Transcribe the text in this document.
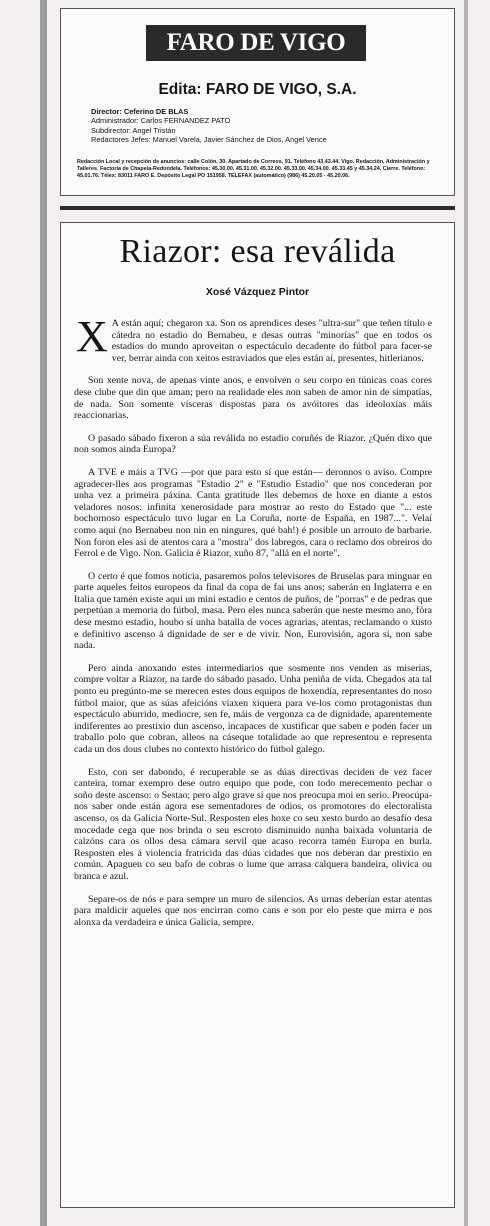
FARO DE VIGO
Edita: FARO DE VIGO, S.A.
Director: Ceferino DE BLAS
Administrador: Carlos FERNANDEZ PATO
Subdirector: Angel Tristán
Redactores Jefes: Manuel Varela, Javier Sánchez de Dios, Angel Vence
Redacción Local y recepción de anuncios: calle Colón, 30. Apartado de Correos, 91. Teléfono 43.43.44. Vigo. Redacción, Administración y Talleres. Factoría de Chapela-Redondela. Teléfonos: 45.30.00. 45.31.00. 45.32.00. 45.33.00. 45.34.00. 45.33.45 y 45.34.24. Cierre. Teléfono: 45.01.76. Télex: 83011 FARO E. Depósito Legal PO 151958. TELEFAX (automático) (986) 45.20.05 - 45.20.06.
Riazor: esa reválida
Xosé Vázquez Pintor

X A están aquí; chegaron xa. Son os aprendices deses "ultra-sur" que teñen título e cátedra no estadio do Bernabeu, e desas outras "minorías" que en todos os estadios do mundo aproveitan o espectáculo decadente do fútbol para facer-se ver, berrar ainda con xeitos estraviados que eles están aí, presentes, hitlerianos.

Son xente nova, de apenas vinte anos, e envolven o seu corpo en túnicas coas cores dese clube que din que aman; pero na realidade eles non saben de amor nin de simpatías, de nada. Son somente vísceras dispostas para os avóitores das ideoloxías máis reaccionarias.

O pasado sábado fixeron a súa reválida no estadio coruñés de Riazor. ¿Quén dixo que non somos ainda Europa?

A TVE e máis a TVG —por que para esto sí que están— deronnos o aviso. Compre agradecer-lles aos programas "Estadio 2" e "Estudio Estadio" que nos concederan por unha vez a primeira páxina. Canta gratitude lles debemos de hoxe en diante a estos veladores nosos: infinita xenerosidade para mostrar ao resto do Estado que "... este bochornoso espectáculo tuvo lugar en La Coruña, norte de España, en 1987...". Velaí como aquí (no Bernabeu non nin en ningures, qué bah!) é posible un arrouto de barbarie. Non foron eles así de atentos cara a "mostra" dos labregos, cara o reclamo dos obreiros do Ferrol e de Vigo. Non. Galicia é Riazor, xuño 87, "allá en el norte".

O certo é que fomos noticia, pasaremos polos televisores de Bruselas para minguar en parte aqueles feitos europeos da final da copa de fai uns anos; saberán en Inglaterra e en Italia que tamén existe aquí un mini estadio e centos de puños, de "porras" e de pedras que perpetúan a memoria do fútbol, masa. Pero eles nunca saberán que neste mesmo ano, fóra dese mesmo estadio, houbo sí unha batalla de voces agrarias, atentas, reclamando o xusto e definitivo ascenso á dignidade de ser e de vivir. Non, Eurovisión, agora sí, non sabe nada.

Pero ainda anoxando estes intermediarios que sosmente nos venden as miserias, compre voltar a Riazor, na tarde do sábado pasado. Unha peniña de vida. Chegados ata tal ponto eu pregúnto-me se merecen estes dous equipos de hoxendía, representantes do noso fútbol maior, que as súas afeicións viaxen xiquera para ve-los como protagonistas dun espectáculo aburrido, mediocre, sen fe, máis de vergonza ca de dignidade, aparentemente indiferentes ao prestixio dun ascenso, incapaces de xustificar que saben e poden facer un traballo polo que cobran, alleos na cáseque totalidade ao que representou e representa cada un dos dous clubes no contexto histórico do fútbol galego.

Esto, con ser dabondo, é recuperable se as dúas directivas deciden de vez facer canteira, tomar exempro dese outro equipo que pode, con todo merecemento pechar o soño deste ascenso: o Sestao; pero algo grave sí que nos preocupa moi en serio. Preocúpa-nos saber onde están agora ese sementadores de odios, os promotores do electoralista ascenso, os da Galicia Norte-Sul. Resposten eles hoxe co seu xesto burdo ao desafío desa mocedade cega que nos brinda o seu escroto disminuido nunha baixada voluntaria de calzóns cara os ollos desa cámara servil que acaso recorra tamén Europa en burla. Resposten eles á violencia fratricida das dúas cidades que nos deberan dar prestixio en común. Apaguen co seu bafo de cobras o lume que arrasa calquera bandeira, olivica ou branca e azul.

Separe-os de nós e para sempre un muro de silencios. As urnas deberían estar atentas para maldicir aqueles que nos encirran como cans e son por elo peste que mirra e nos alonxa da verdadeira e única Galicia, sempre.
